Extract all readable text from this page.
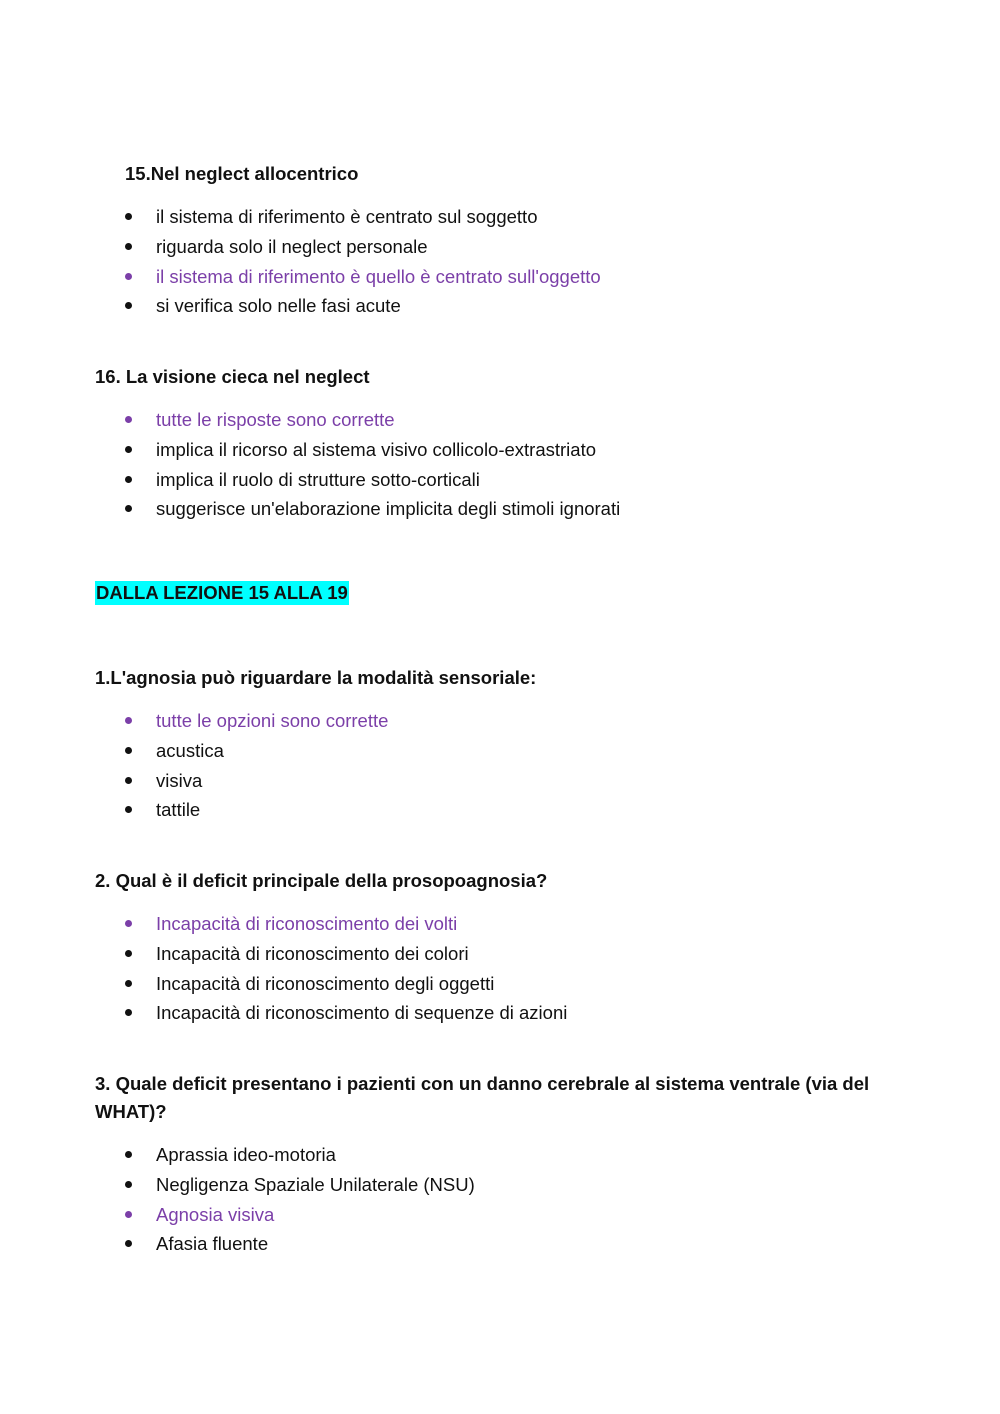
15.Nel neglect allocentrico

il sistema di riferimento è centrato sul soggetto
riguarda solo il neglect personale
il sistema di riferimento è quello è centrato sull'oggetto
si verifica solo nelle fasi acute

16. La visione cieca nel neglect

tutte le risposte sono corrette
implica il ricorso al sistema visivo collicolo-extrastriato
implica il ruolo di strutture sotto-corticali
suggerisce un'elaborazione implicita degli stimoli ignorati

DALLA LEZIONE 15 ALLA 19

1.L'agnosia può riguardare la modalità sensoriale:

tutte le opzioni sono corrette
acustica
visiva
tattile

2. Qual è il deficit principale della prosopoagnosia?

Incapacità di riconoscimento dei volti
Incapacità di riconoscimento dei colori
Incapacità di riconoscimento degli oggetti
Incapacità di riconoscimento di sequenze di azioni

3. Quale deficit presentano i pazienti con un danno cerebrale al sistema ventrale (via del

WHAT)?

Aprassia ideo-motoria
Negligenza Spaziale Unilaterale (NSU)
Agnosia visiva
Afasia fluente
